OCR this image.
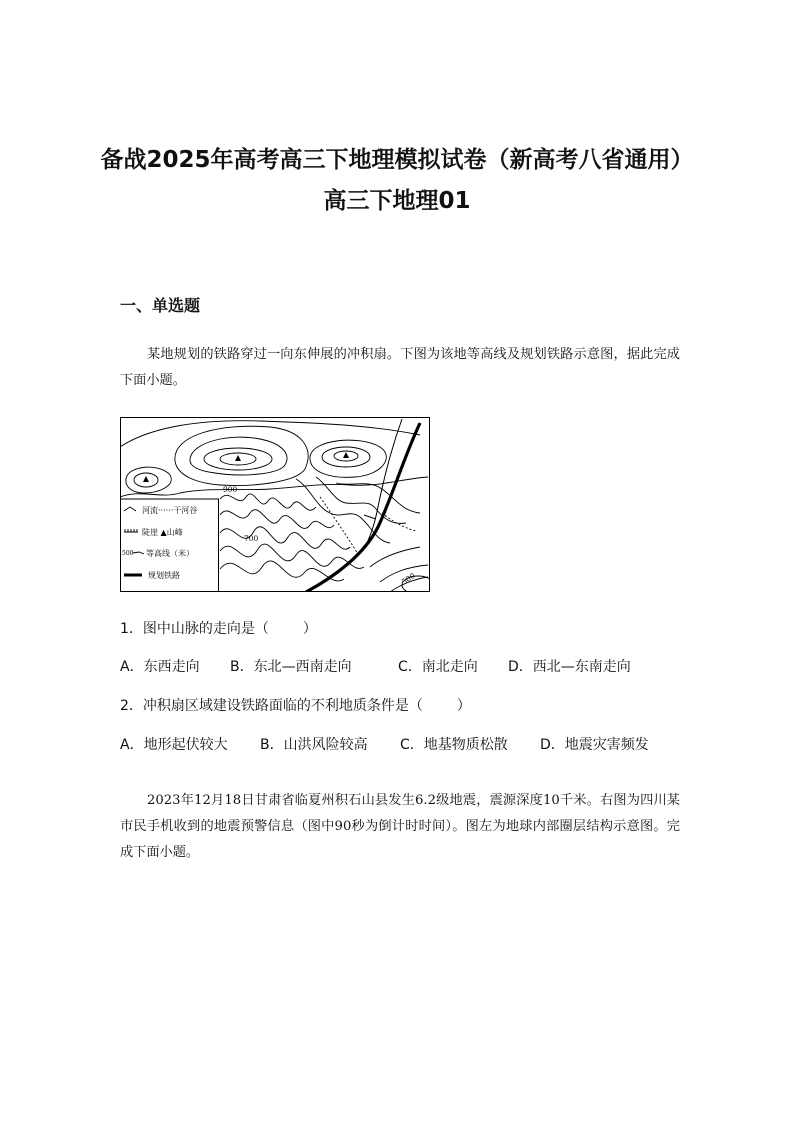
备战2025年高考高三下地理模拟试卷（新高考八省通用）高三下地理01
一、单选题

某地规划的铁路穿过一向东伸展的冲积扇。下图为该地等高线及规划铁路示意图，据此完成下面小题。

900
700
500
河流······干河谷
陡崖 ▲山峰
500 等高线（米）
规划铁路
1．图中山脉的走向是（ ）
A．东西走向 B．东北—西南走向	C．南北走向 D．西北—东南走向
2．冲积扇区域建设铁路面临的不利地质条件是（ ）
A．地形起伏较大 B．山洪风险较高 C．地基物质松散 D．地震灾害频发

2023年12月18日甘肃省临夏州积石山县发生6.2级地震，震源深度10千米。右图为四川某市民手机收到的地震预警信息（图中90秒为倒计时时间）。图左为地球内部圈层结构示意图。完成下面小题。
